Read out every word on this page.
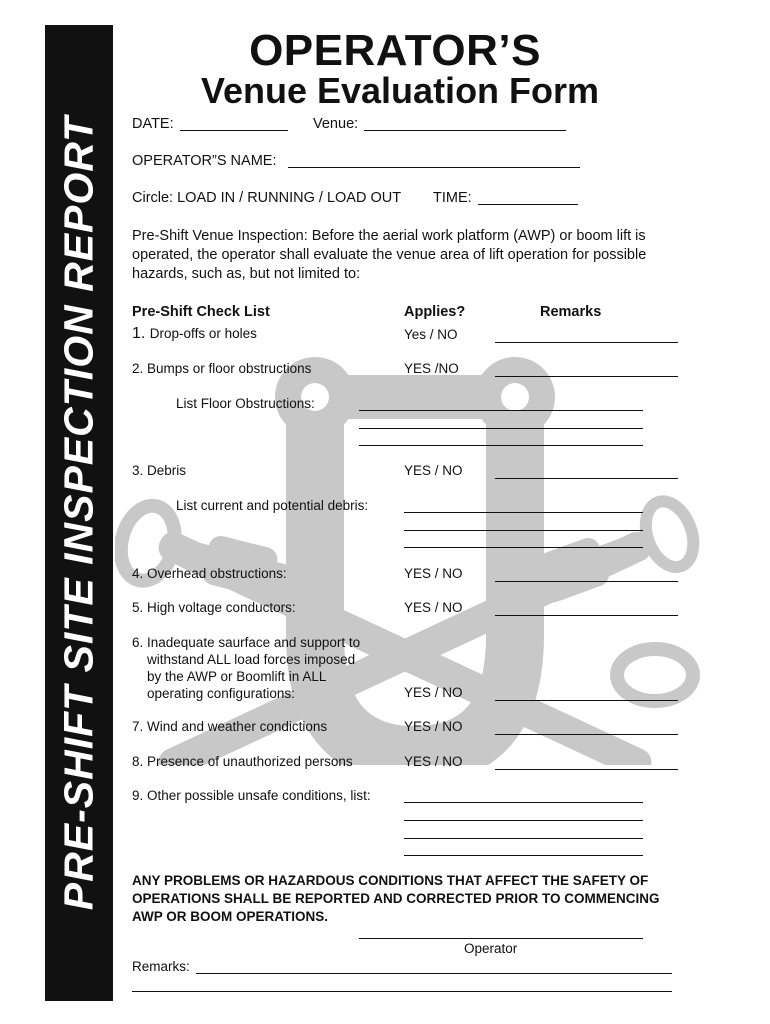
PRE-SHIFT SITE INSPECTION REPORT
OPERATOR’S
Venue Evaluation Form
DATE:	Venue:
OPERATOR”S NAME:
Circle: LOAD IN / RUNNING / LOAD OUT TIME:
Pre-Shift Venue Inspection: Before the aerial work platform (AWP) or boom lift is operated, the operator shall evaluate the venue area of lift operation for possible hazards, such as, but not limited to:
Pre-Shift Check List	Applies?	Remarks
1. Drop-offs or holes	Yes / NO
2. Bumps or floor obstructions	YES /NO
List Floor Obstructions:
3. Debris	YES / NO
List current and potential debris:
4. Overhead obstructions:	YES / NO
5. High voltage conductors:	YES / NO
6. Inadequate saurface and support to
withstand ALL load forces imposed
by the AWP or Boomlift in ALL
operating configurations:	YES / NO
7. Wind and weather condictions	YES / NO
8. Presence of unauthorized persons	YES / NO
9. Other possible unsafe conditions, list:
ANY PROBLEMS OR HAZARDOUS CONDITIONS THAT AFFECT THE SAFETY OF OPERATIONS SHALL BE REPORTED AND CORRECTED PRIOR TO COMMENCING AWP OR BOOM OPERATIONS.
Operator
Remarks:
